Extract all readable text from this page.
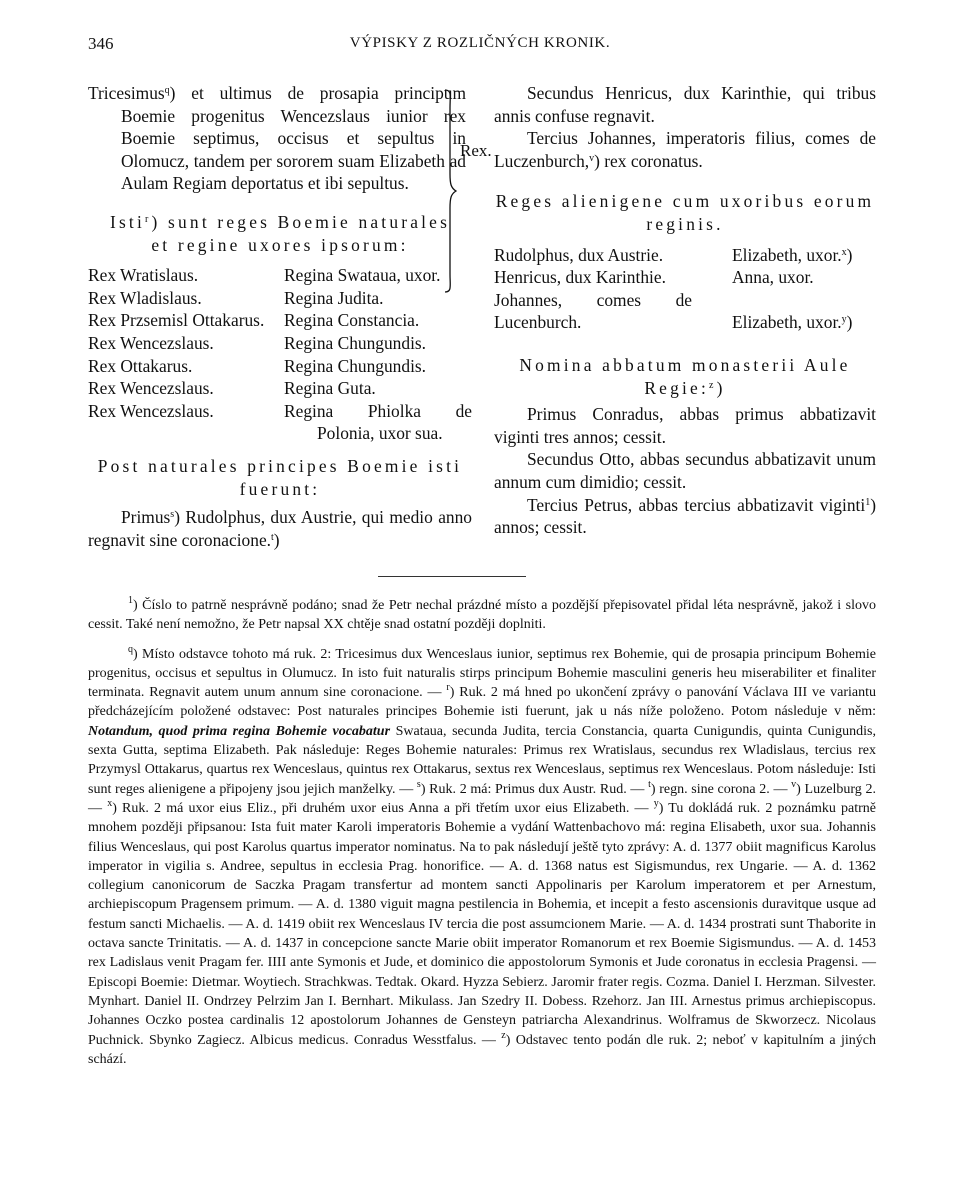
346	VÝPISKY Z ROZLIČNÝCH KRONIK.

Tricesimus$^q$) et ultimus de prosapia principum Boemie progenitus Wencezslaus iunior rex Boemie septimus, occisus et sepultus in Olomucz, tandem per sororem suam Elizabeth ad Aulam Regiam deportatus et ibi sepultus.

Rex.

Isti$^r$) sunt reges Boemie naturales

et regine uxores ipsorum:

Rex Wratislaus.	Regina Swataua, uxor.
Rex Wladislaus.	Regina Judita.
Rex Przsemisl Ottakarus.	Regina Constancia.
Rex Wencezslaus.	Regina Chungundis.
Rex Ottakarus.	Regina Chungundis.
Rex Wencezslaus.	Regina Guta.
Rex Wencezslaus.	Regina Phiolka de
Polonia, uxor sua.

Post naturales principes Boemie isti

fuerunt:

Primus$^s$) Rudolphus, dux Austrie, qui medio anno regnavit sine coronacione.$^t$)

Secundus Henricus, dux Karinthie, qui tribus annis confuse regnavit.

Tercius Johannes, imperatoris filius, comes de Luczenburch,$^v$) rex coronatus.

Reges alienigene cum uxoribus eorum

reginis.

Rudolphus, dux Austrie.	Elizabeth, uxor.$^x$)
Henricus, dux Karinthie.	Anna, uxor.
Johannes, comes de Lucenburch.	Elizabeth, uxor.$^y$)

Nomina abbatum monasterii Aule

Regie:$^z$)

Primus Conradus, abbas primus abbatizavit viginti tres annos; cessit.

Secundus Otto, abbas secundus abbatizavit unum annum cum dimidio; cessit.

Tercius Petrus, abbas tercius abbatizavit viginti$^1$) annos; cessit.

$^1$) Číslo to patrně nesprávně podáno; snad že Petr nechal prázdné místo a pozdější přepisovatel přidal léta nesprávně, jakož i slovo cessit. Také není nemožno, že Petr napsal XX chtěje snad ostatní později doplniti.

$^q$) Místo odstavce tohoto má ruk. 2: Tricesimus dux Wenceslaus iunior, septimus rex Bohemie, qui de prosapia principum Bohemie progenitus, occisus et sepultus in Olumucz. In isto fuit naturalis stirps principum Bohemie masculini generis heu miserabiliter et finaliter terminata. Regnavit autem unum annum sine coronacione. — $^r$) Ruk. 2 má hned po ukončení zprávy o panování Václava III ve variantu předcházejícím položené odstavec: Post naturales principes Bohemie isti fuerunt, jak u nás níže položeno. Potom následuje v něm: Notandum, quod prima regina Bohemie vocabatur Swataua, secunda Judita, tercia Constancia, quarta Cunigundis, quinta Cunigundis, sexta Gutta, septima Elizabeth. Pak následuje: Reges Bohemie naturales: Primus rex Wratislaus, secundus rex Wladislaus, tercius rex Przymysl Ottakarus, quartus rex Wenceslaus, quintus rex Ottakarus, sextus rex Wenceslaus, septimus rex Wenceslaus. Potom následuje: Isti sunt reges alienigene a připojeny jsou jejich manželky. — $^s$) Ruk. 2 má: Primus dux Austr. Rud. — $^t$) regn. sine corona 2. — $^v$) Luzelburg 2. — $^x$) Ruk. 2 má uxor eius Eliz., při druhém uxor eius Anna a při třetím uxor eius Elizabeth. — $^y$) Tu dokládá ruk. 2 poznámku patrně mnohem později připsanou: Ista fuit mater Karoli imperatoris Bohemie a vydání Wattenbachovo má: regina Elisabeth, uxor sua. Johannis filius Wenceslaus, qui post Karolus quartus imperator nominatus. Na to pak následují ještě tyto zprávy: A. d. 1377 obiit magnificus Karolus imperator in vigilia s. Andree, sepultus in ecclesia Prag. honorifice. — A. d. 1368 natus est Sigismundus, rex Ungarie. — A. d. 1362 collegium canonicorum de Saczka Pragam transfertur ad montem sancti Appolinaris per Karolum imperatorem et per Arnestum, archiepiscopum Pragensem primum. — A. d. 1380 viguit magna pestilencia in Bohemia, et incepit a festo ascensionis duravitque usque ad festum sancti Michaelis. — A. d. 1419 obiit rex Wenceslaus IV tercia die post assumcionem Marie. — A. d. 1434 prostrati sunt Thaborite in octava sancte Trinitatis. — A. d. 1437 in concepcione sancte Marie obiit imperator Romanorum et rex Boemie Sigismundus. — A. d. 1453 rex Ladislaus venit Pragam fer. IIII ante Symonis et Jude, et dominico die appostolorum Symonis et Jude coronatus in ecclesia Pragensi. — Episcopi Boemie: Dietmar. Woytiech. Strachkwas. Tedtak. Okard. Hyzza Sebierz. Jaromir frater regis. Cozma. Daniel I. Herzman. Silvester. Mynhart. Daniel II. Ondrzey Pelrzim Jan I. Bernhart. Mikulass. Jan Szedry II. Dobess. Rzehorz. Jan III. Arnestus primus archiepiscopus. Johannes Oczko postea cardinalis 12 apostolorum Johannes de Gensteyn patriarcha Alexandrinus. Wolframus de Skworzecz. Nicolaus Puchnick. Sbynko Zagiecz. Albicus medicus. Conradus Wesstfalus. — $^z$) Odstavec tento podán dle ruk. 2; neboť v kapitulním a jiných schází.
